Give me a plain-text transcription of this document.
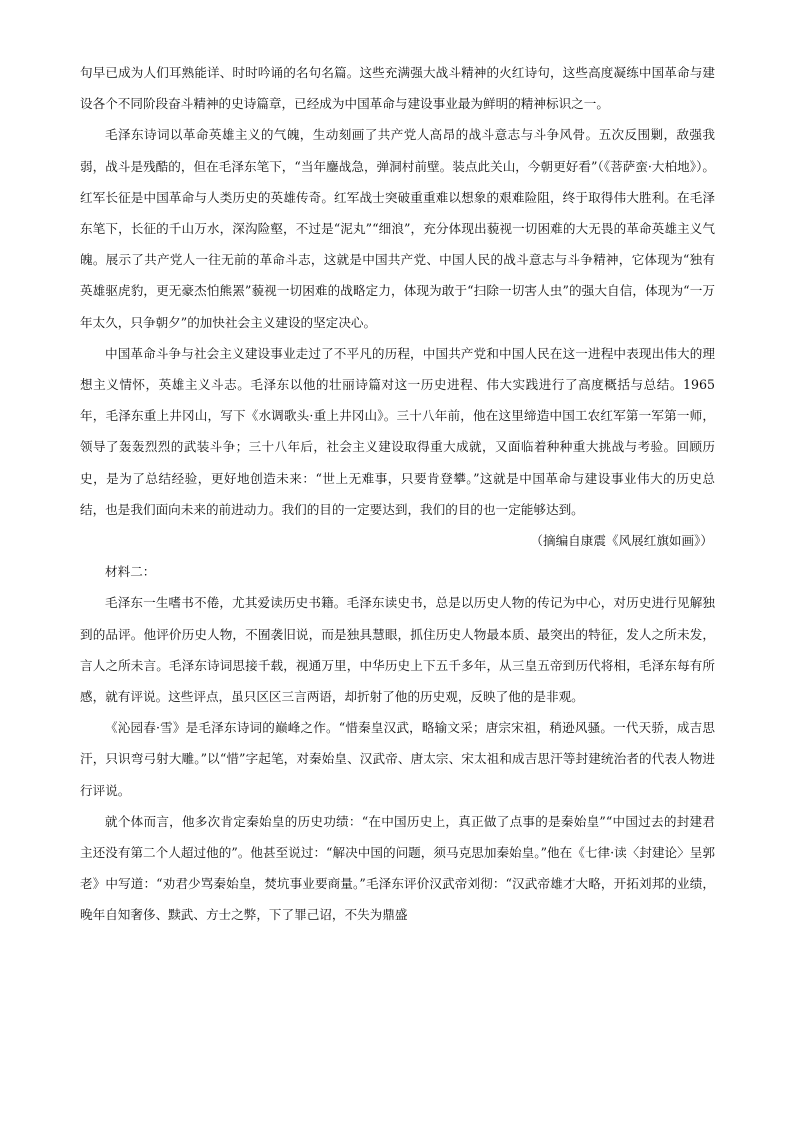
句早已成为人们耳熟能详、时时吟诵的名句名篇。这些充满强大战斗精神的火红诗句，这些高度凝练中国革命与建设各个不同阶段奋斗精神的史诗篇章，已经成为中国革命与建设事业最为鲜明的精神标识之一。

毛泽东诗词以革命英雄主义的气魄，生动刻画了共产党人高昂的战斗意志与斗争风骨。五次反围剿，敌强我弱，战斗是残酷的，但在毛泽东笔下，“当年鏖战急，弹洞村前壁。装点此关山，今朝更好看”（《菩萨蛮·大柏地》）。红军长征是中国革命与人类历史的英雄传奇。红军战士突破重重难以想象的艰难险阻，终于取得伟大胜利。在毛泽东笔下，长征的千山万水，深沟险壑，不过是“泥丸”“细浪”，充分体现出藐视一切困难的大无畏的革命英雄主义气魄。展示了共产党人一往无前的革命斗志，这就是中国共产党、中国人民的战斗意志与斗争精神，它体现为“独有英雄驱虎豹，更无豪杰怕熊罴”藐视一切困难的战略定力，体现为敢于“扫除一切害人虫”的强大自信，体现为“一万年太久，只争朝夕”的加快社会主义建设的坚定决心。

中国革命斗争与社会主义建设事业走过了不平凡的历程，中国共产党和中国人民在这一进程中表现出伟大的理想主义情怀，英雄主义斗志。毛泽东以他的壮丽诗篇对这一历史进程、伟大实践进行了高度概括与总结。1965 年，毛泽东重上井冈山，写下《水调歌头·重上井冈山》。三十八年前，他在这里缔造中国工农红军第一军第一师，领导了轰轰烈烈的武装斗争；三十八年后，社会主义建设取得重大成就，又面临着种种重大挑战与考验。回顾历史，是为了总结经验，更好地创造未来：“世上无难事，只要肯登攀。”这就是中国革命与建设事业伟大的历史总结，也是我们面向未来的前进动力。我们的目的一定要达到，我们的目的也一定能够达到。

（摘编自康震《风展红旗如画》）

材料二：

毛泽东一生嗜书不倦，尤其爱读历史书籍。毛泽东读史书，总是以历史人物的传记为中心，对历史进行见解独到的品评。他评价历史人物，不囿袭旧说，而是独具慧眼，抓住历史人物最本质、最突出的特征，发人之所未发，言人之所未言。毛泽东诗词思接千载，视通万里，中华历史上下五千多年，从三皇五帝到历代将相，毛泽东每有所感，就有评说。这些评点，虽只区区三言两语，却折射了他的历史观，反映了他的是非观。

《沁园春·雪》是毛泽东诗词的巅峰之作。“惜秦皇汉武，略输文采；唐宗宋祖，稍逊风骚。一代天骄，成吉思汗，只识弯弓射大雕。”以“惜”字起笔，对秦始皇、汉武帝、唐太宗、宋太祖和成吉思汗等封建统治者的代表人物进行评说。

就个体而言，他多次肯定秦始皇的历史功绩：“在中国历史上，真正做了点事的是秦始皇”“中国过去的封建君主还没有第二个人超过他的”。他甚至说过：“解决中国的问题，须马克思加秦始皇。”他在《七律·读〈封建论〉呈郭老》中写道：“劝君少骂秦始皇，焚坑事业要商量。”毛泽东评价汉武帝刘彻：“汉武帝雄才大略，开拓刘邦的业绩，晚年自知奢侈、黩武、方士之弊，下了罪己诏，不失为鼎盛
